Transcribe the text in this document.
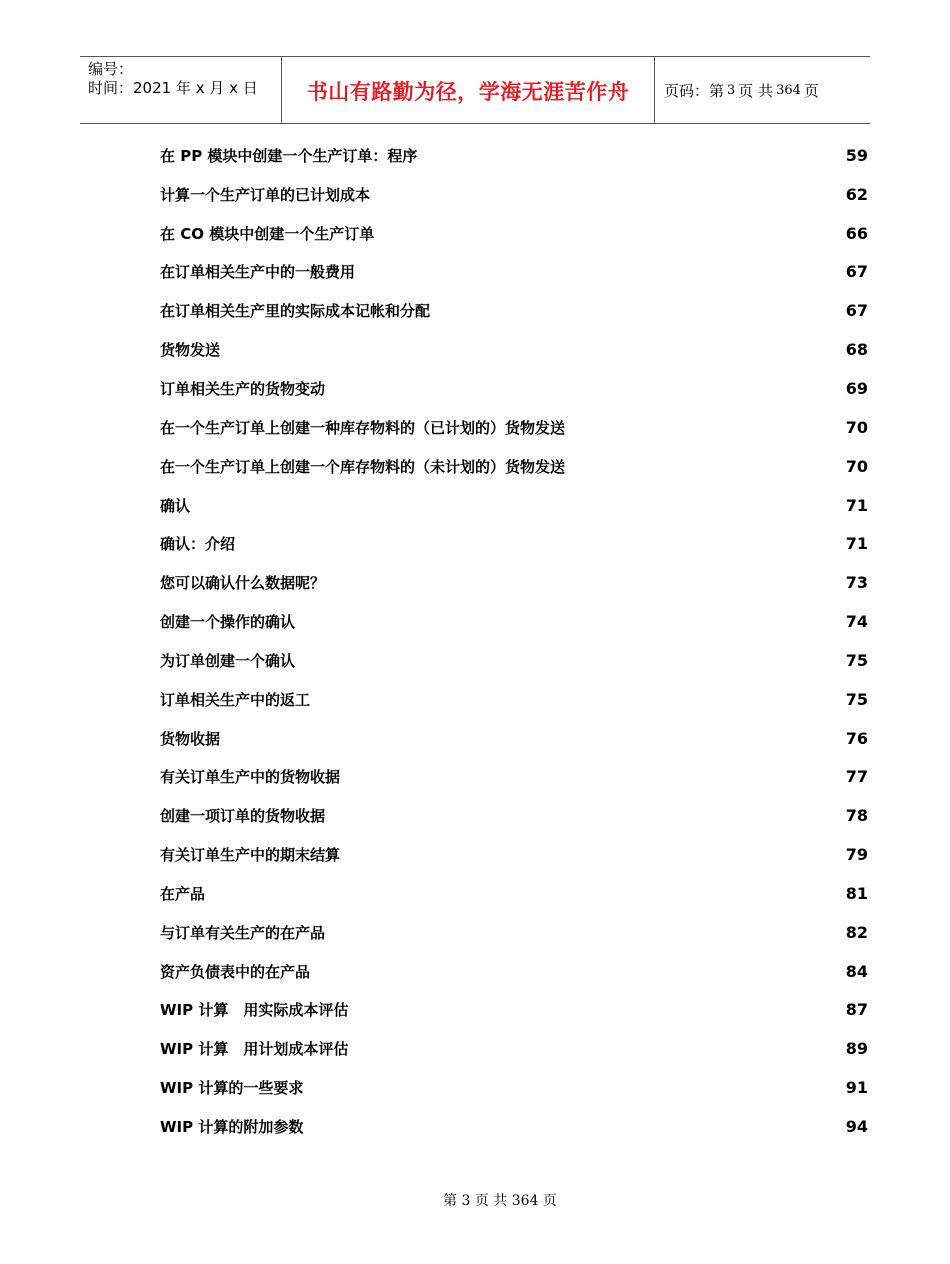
编号：
时间：2021 年 x 月 x 日	书山有路勤为径，学海无涯苦作舟	页码：第 3 页 共 364 页
在 PP 模块中创建一个生产订单：程序	59
计算一个生产订单的已计划成本	62
在 CO 模块中创建一个生产订单	66
在订单相关生产中的一般费用	67
在订单相关生产里的实际成本记帐和分配	67
货物发送	68
订单相关生产的货物变动	69
在一个生产订单上创建一种库存物料的（已计划的）货物发送	70
在一个生产订单上创建一个库存物料的（未计划的）货物发送	70
确认	71
确认：介绍	71
您可以确认什么数据呢？	73
创建一个操作的确认	74
为订单创建一个确认	75
订单相关生产中的返工	75
货物收据	76
有关订单生产中的货物收据	77
创建一项订单的货物收据	78
有关订单生产中的期末结算	79
在产品	81
与订单有关生产的在产品	82
资产负债表中的在产品	84
WIP 计算　用实际成本评估	87
WIP 计算　用计划成本评估	89
WIP 计算的一些要求	91
WIP 计算的附加参数	94
第 3 页 共 364 页
